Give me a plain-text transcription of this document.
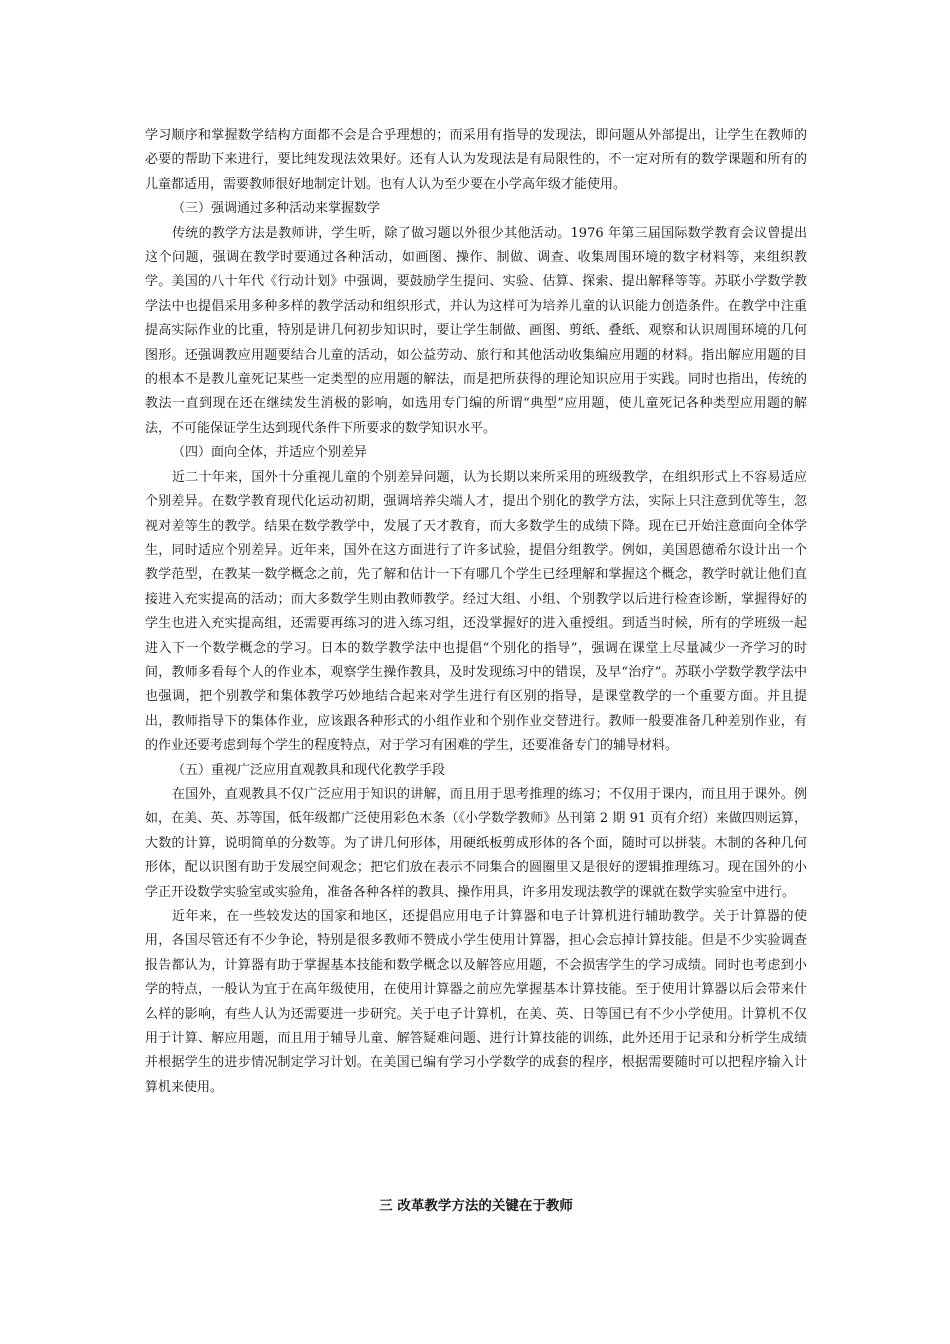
学习顺序和掌握数学结构方面都不会是合乎理想的；而采用有指导的发现法，即问题从外部提出，让学生在教师的必要的帮助下来进行，要比纯发现法效果好。还有人认为发现法是有局限性的，不一定对所有的数学课题和所有的儿童都适用，需要教师很好地制定计划。也有人认为至少要在小学高年级才能使用。

（三）强调通过多种活动来掌握数学

传统的教学方法是教师讲，学生听，除了做习题以外很少其他活动。1976 年第三届国际数学教育会议曾提出这个问题，强调在教学时要通过各种活动，如画图、操作、制做、调查、收集周围环境的数字材料等，来组织教学。美国的八十年代《行动计划》中强调，要鼓励学生提问、实验、估算、探索、提出解释等等。苏联小学数学教学法中也提倡采用多种多样的教学活动和组织形式，并认为这样可为培养儿童的认识能力创造条件。在教学中注重提高实际作业的比重，特别是讲几何初步知识时，要让学生制做、画图、剪纸、叠纸、观察和认识周围环境的几何图形。还强调教应用题要结合儿童的活动，如公益劳动、旅行和其他活动收集编应用题的材料。指出解应用题的目的根本不是教儿童死记某些一定类型的应用题的解法，而是把所获得的理论知识应用于实践。同时也指出，传统的教法一直到现在还在继续发生消极的影响，如选用专门编的所谓“典型”应用题，使儿童死记各种类型应用题的解法，不可能保证学生达到现代条件下所要求的数学知识水平。

（四）面向全体，并适应个别差异

近二十年来，国外十分重视儿童的个别差异问题，认为长期以来所采用的班级教学，在组织形式上不容易适应个别差异。在数学教育现代化运动初期，强调培养尖端人才，提出个别化的教学方法，实际上只注意到优等生，忽视对差等生的教学。结果在数学教学中，发展了天才教育，而大多数学生的成绩下降。现在已开始注意面向全体学生，同时适应个别差异。近年来，国外在这方面进行了许多试验，提倡分组教学。例如，美国恩德希尔设计出一个教学范型，在教某一数学概念之前，先了解和估计一下有哪几个学生已经理解和掌握这个概念，教学时就让他们直接进入充实提高的活动；而大多数学生则由教师教学。经过大组、小组、个别教学以后进行检查诊断，掌握得好的学生也进入充实提高组，还需要再练习的进入练习组，还没掌握好的进入重授组。到适当时候，所有的学班级一起进入下一个数学概念的学习。日本的数学教学法中也提倡“个别化的指导”，强调在课堂上尽量减少一齐学习的时间，教师多看每个人的作业本，观察学生操作教具，及时发现练习中的错误，及早“治疗”。苏联小学数学教学法中也强调，把个别教学和集体教学巧妙地结合起来对学生进行有区别的指导，是课堂教学的一个重要方面。并且提出，教师指导下的集体作业，应该跟各种形式的小组作业和个别作业交替进行。教师一般要准备几种差别作业，有的作业还要考虑到每个学生的程度特点，对于学习有困难的学生，还要准备专门的辅导材料。

（五）重视广泛应用直观教具和现代化教学手段

在国外，直观教具不仅广泛应用于知识的讲解，而且用于思考推理的练习；不仅用于课内，而且用于课外。例如，在美、英、苏等国，低年级都广泛使用彩色木条（《小学数学教师》丛刊第 2 期 91 页有介绍）来做四则运算，大数的计算，说明简单的分数等。为了讲几何形体，用硬纸板剪成形体的各个面，随时可以拼装。木制的各种几何形体，配以识图有助于发展空间观念；把它们放在表示不同集合的圆圈里又是很好的逻辑推理练习。现在国外的小学正开设数学实验室或实验角，准备各种各样的教具、操作用具，许多用发现法教学的课就在数学实验室中进行。

近年来，在一些较发达的国家和地区，还提倡应用电子计算器和电子计算机进行辅助教学。关于计算器的使用，各国尽管还有不少争论，特别是很多教师不赞成小学生使用计算器，担心会忘掉计算技能。但是不少实验调查报告都认为，计算器有助于掌握基本技能和数学概念以及解答应用题，不会损害学生的学习成绩。同时也考虑到小学的特点，一般认为宜于在高年级使用，在使用计算器之前应先掌握基本计算技能。至于使用计算器以后会带来什么样的影响，有些人认为还需要进一步研究。关于电子计算机，在美、英、日等国已有不少小学使用。计算机不仅用于计算、解应用题，而且用于辅导儿童、解答疑难问题、进行计算技能的训练，此外还用于记录和分析学生成绩并根据学生的进步情况制定学习计划。在美国已编有学习小学数学的成套的程序，根据需要随时可以把程序输入计算机来使用。

三 改革教学方法的关键在于教师
